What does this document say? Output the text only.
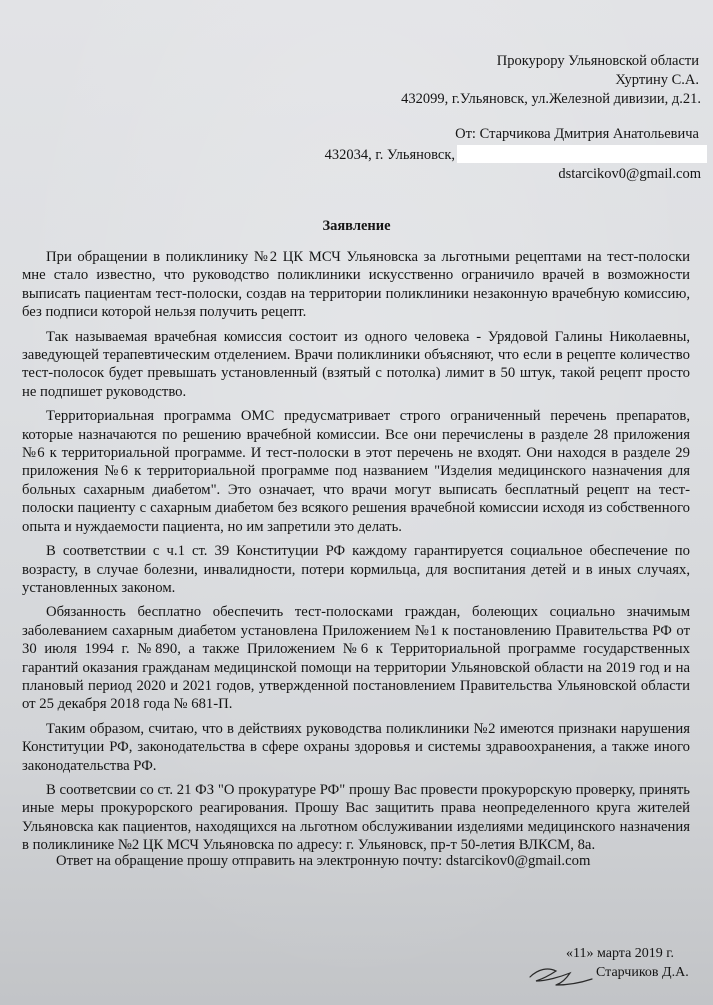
Прокурору Ульяновской области
Хуртину С.А.
432099, г.Ульяновск, ул.Железной дивизии, д.21.
От: Старчикова Дмитрия Анатольевича
432034, г. Ульяновск,
dstarcikov0@gmail.com
Заявление

При обращении в поликлинику №2 ЦК МСЧ Ульяновска за льготными рецептами на тест-полоски мне стало известно, что руководство поликлиники искусственно ограничило врачей в возможности выписать пациентам тест-полоски, создав на территории поликлиники незаконную врачебную комиссию, без подписи которой нельзя получить рецепт.

Так называемая врачебная комиссия состоит из одного человека - Урядовой Галины Николаевны, заведующей терапевтическим отделением. Врачи поликлиники объясняют, что если в рецепте количество тест-полосок будет превышать установленный (взятый с потолка) лимит в 50 штук, такой рецепт просто не подпишет руководство.

Территориальная программа ОМС предусматривает строго ограниченный перечень препаратов, которые назначаются по решению врачебной комиссии. Все они перечислены в разделе 28 приложения №6 к территориальной программе. И тест-полоски в этот перечень не входят. Они находся в разделе 29 приложения №6 к территориальной программе под названием "Изделия медицинского назначения для больных сахарным диабетом". Это означает, что врачи могут выписать бесплатный рецепт на тест-полоски пациенту с сахарным диабетом без всякого решения врачебной комиссии исходя из собственного опыта и нуждаемости пациента, но им запретили это делать.

В соответствии с ч.1 ст. 39 Конституции РФ каждому гарантируется социальное обеспечение по возрасту, в случае болезни, инвалидности, потери кормильца, для воспитания детей и в иных случаях, установленных законом.

Обязанность бесплатно обеспечить тест-полосками граждан, болеющих социально значимым заболеванием сахарным диабетом установлена Приложением №1 к постановлению Правительства РФ от 30 июля 1994 г. №890, а также Приложением №6 к Территориальной программе государственных гарантий оказания гражданам медицинской помощи на территории Ульяновской области на 2019 год и на плановый период 2020 и 2021 годов, утвержденной постановлением Правительства Ульяновской области от 25 декабря 2018 года № 681-П.

Таким образом, считаю, что в действиях руководства поликлиники №2 имеются признаки нарушения Конституции РФ, законодательства в сфере охраны здоровья и системы здравоохранения, а также иного законодательства РФ.

В соответсвии со ст. 21 ФЗ "О прокуратуре РФ" прошу Вас провести прокурорскую проверку, принять иные меры прокурорского реагирования. Прошу Вас защитить права неопределенного круга жителей Ульяновска как пациентов, находящихся на льготном обслуживании изделиями медицинского назначения в поликлинике №2 ЦК МСЧ Ульяновска по адресу: г. Ульяновск, пр-т 50-летия ВЛКСМ, 8а.

Ответ на обращение прошу отправить на электронную почту: dstarcikov0@gmail.com
«11» марта 2019 г.
Старчиков Д.А.
